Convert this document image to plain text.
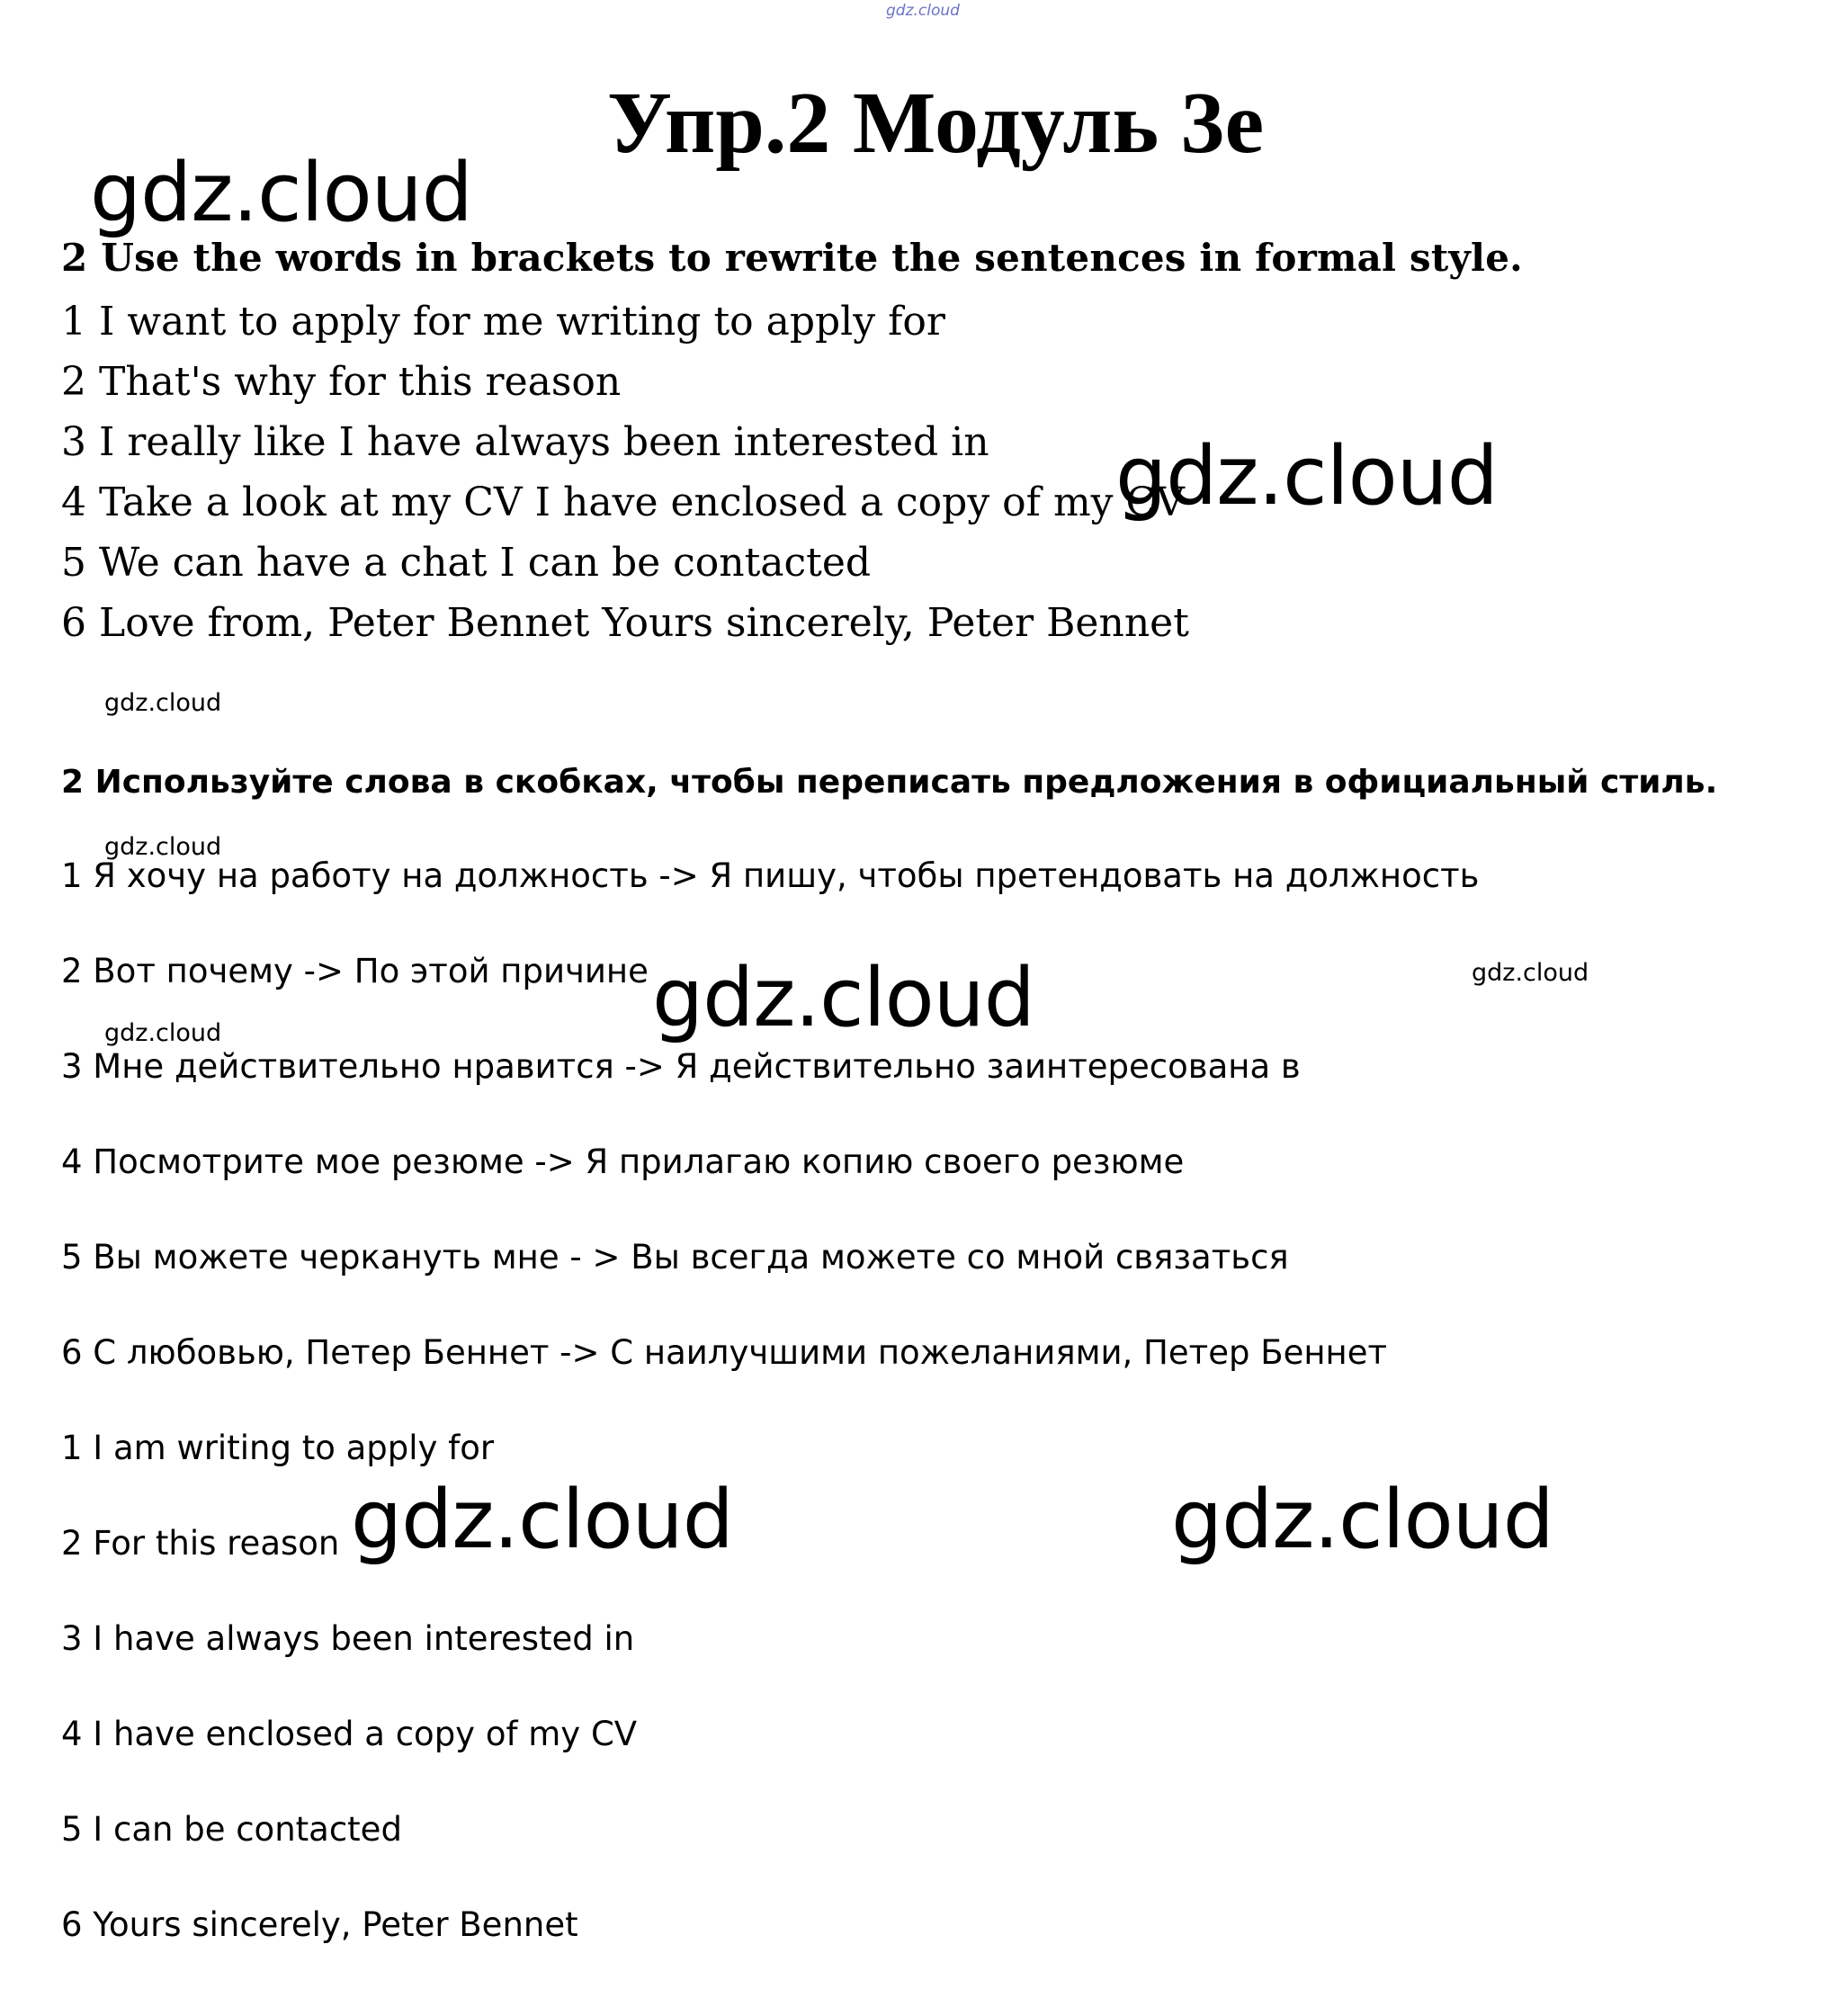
gdz.cloud
Упр.2 Модуль 3е
gdz.cloud
gdz.cloud
gdz.cloud
gdz.cloud	gdz.cloud
gdz.cloud
gdz.cloud
gdz.cloud
gdz.cloud
2 Use the words in brackets to rewrite the sentences in formal style.
1 I want to apply for me writing to apply for
2 That's why for this reason
3 I really like I have always been interested in
4 Take a look at my CV I have enclosed a copy of my CV
5 We can have a chat I can be contacted
6 Love from, Peter Bennet Yours sincerely, Peter Bennet
2 Используйте слова в скобках, чтобы переписать предложения в официальный стиль.
1 Я хочу на работу на должность -> Я пишу, чтобы претендовать на должность
2 Вот почему -> По этой причине
3 Мне действительно нравится -> Я действительно заинтересована в
4 Посмотрите мое резюме -> Я прилагаю копию своего резюме
5 Вы можете черкануть мне - > Вы всегда можете со мной связаться
6 С любовью, Петер Беннет -> С наилучшими пожеланиями, Петер Беннет
1 I am writing to apply for
2 For this reason
3 I have always been interested in
4 I have enclosed a copy of my CV
5 I can be contacted
6 Yours sincerely, Peter Bennet
